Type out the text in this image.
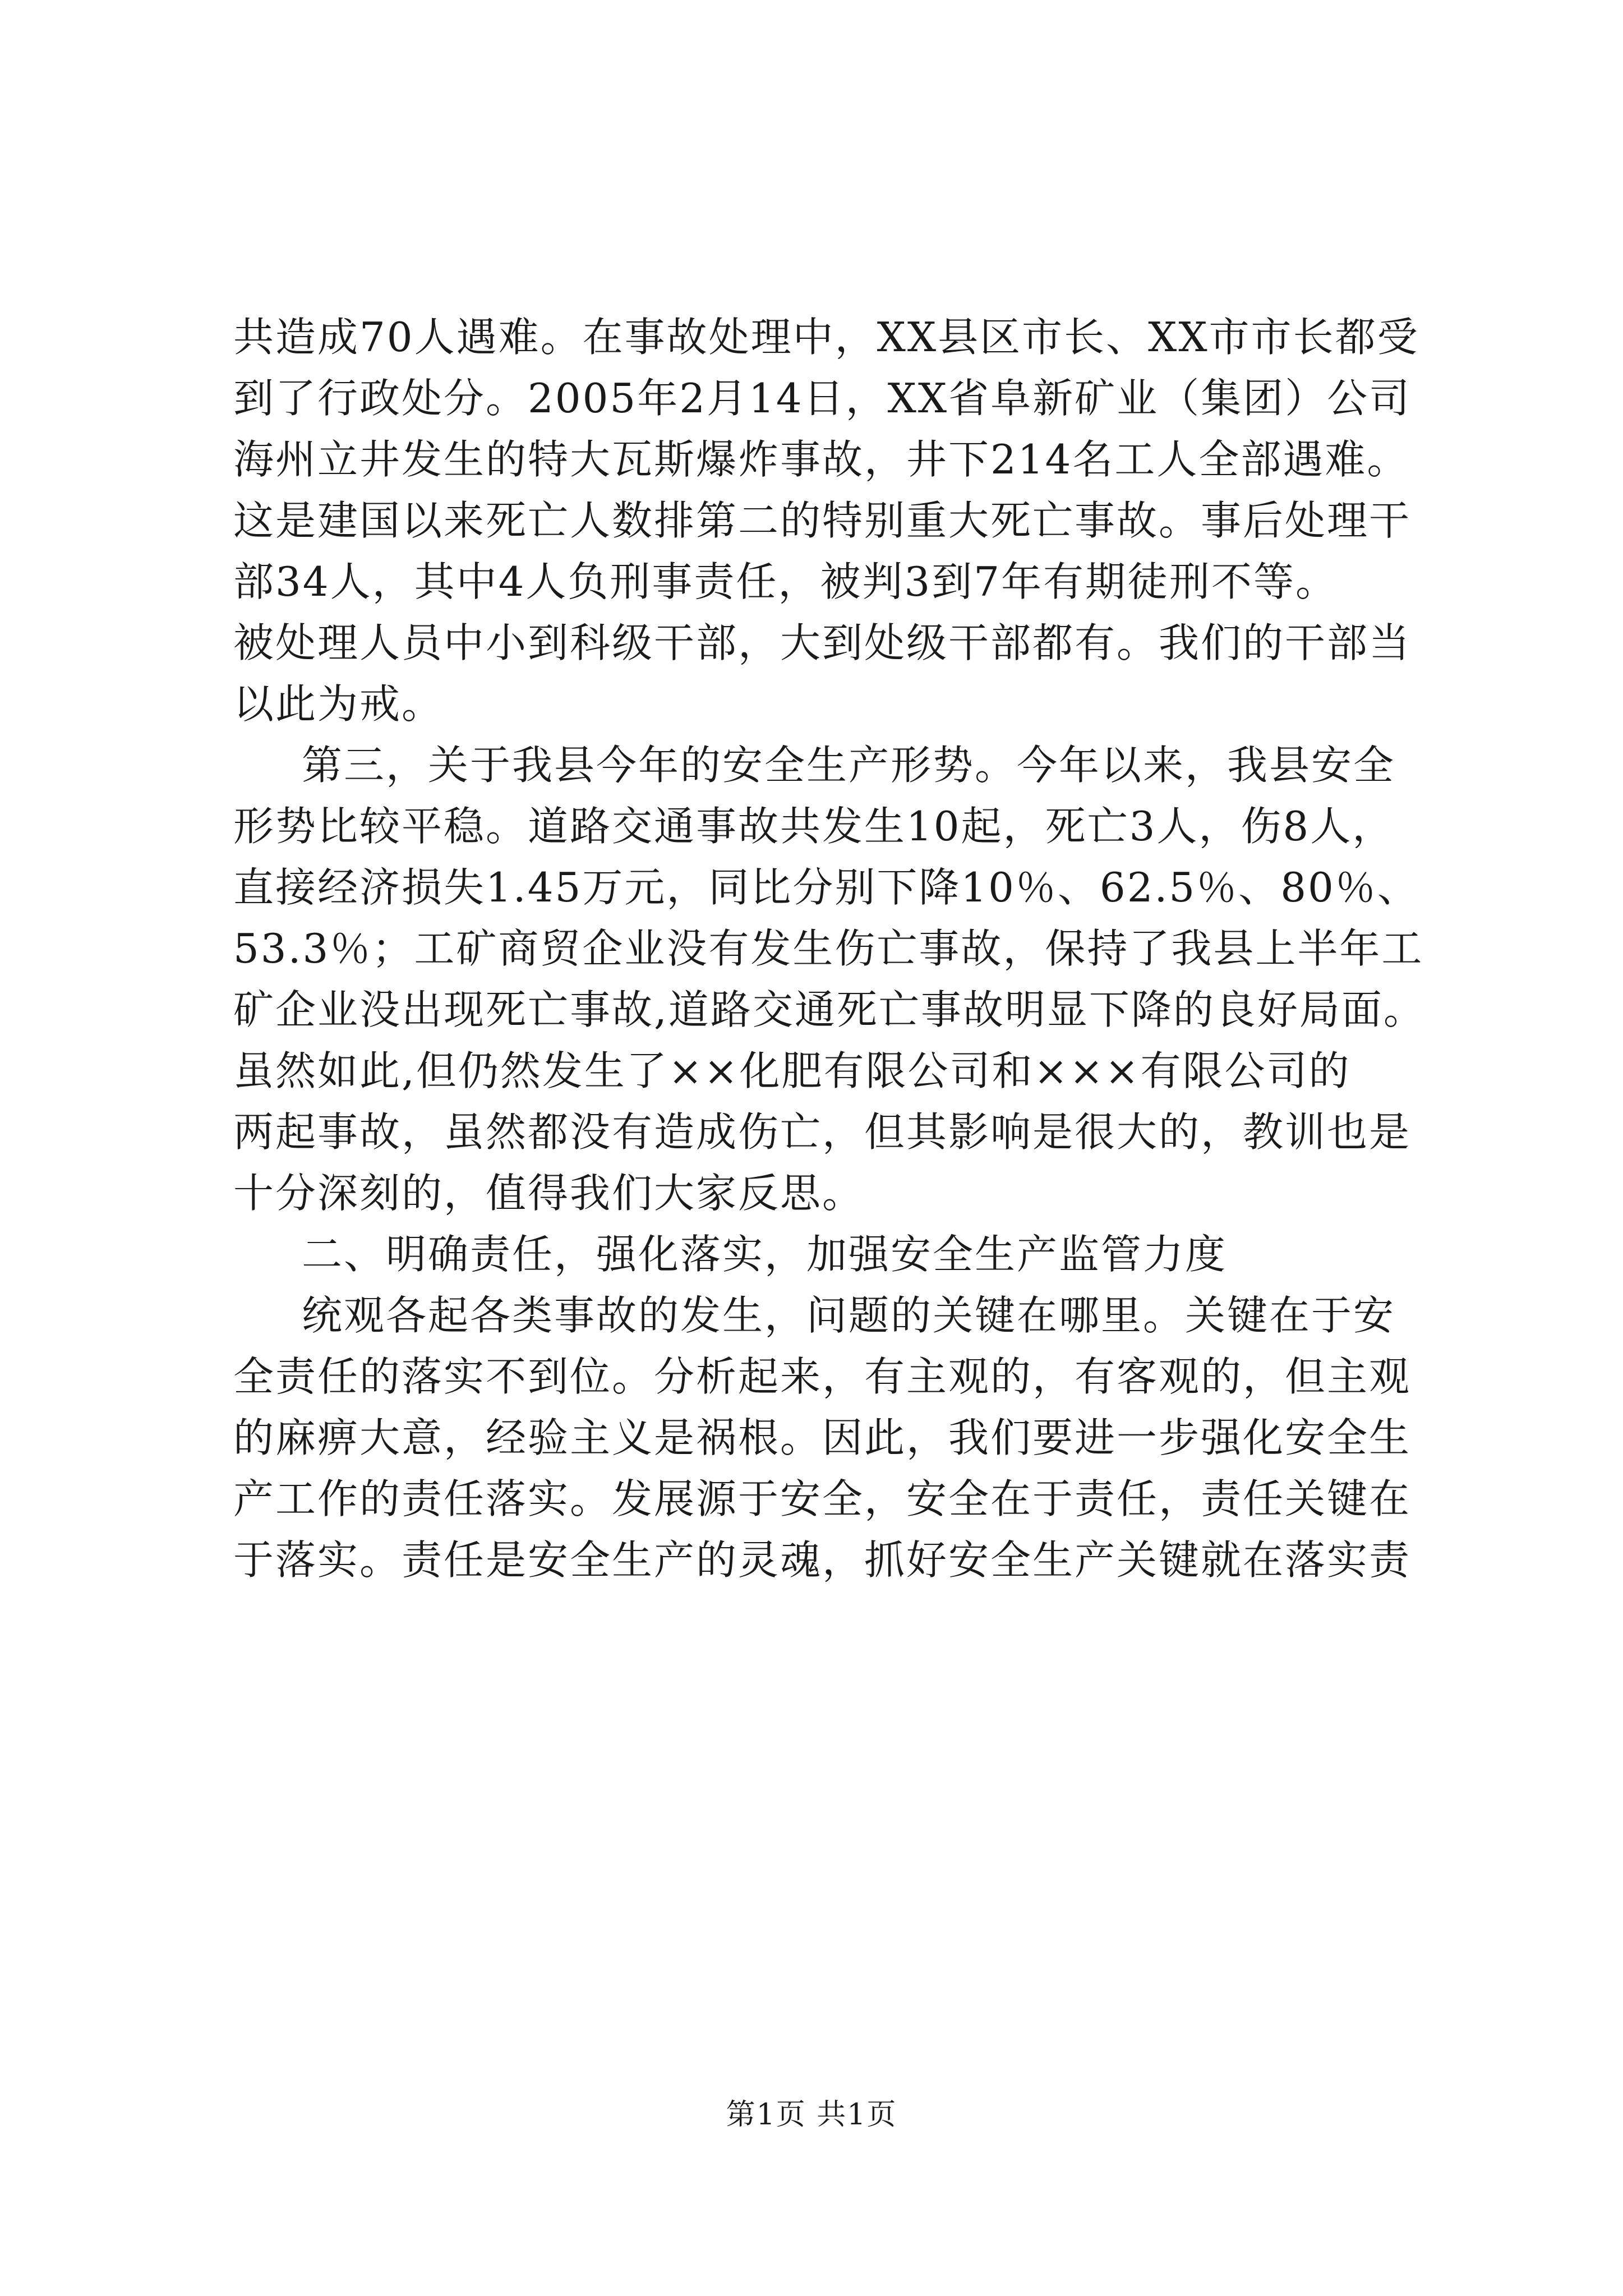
共造成70人遇难。在事故处理中，XX县区市长、XX市市长都受
到了行政处分。2005年2月14日，XX省阜新矿业（集团）公司
海州立井发生的特大瓦斯爆炸事故，井下214名工人全部遇难。
这是建国以来死亡人数排第二的特别重大死亡事故。事后处理干
部34人，其中4人负刑事责任，被判3到7年有期徒刑不等。
被处理人员中小到科级干部，大到处级干部都有。我们的干部当
以此为戒。
第三，关于我县今年的安全生产形势。今年以来，我县安全
形势比较平稳。道路交通事故共发生10起，死亡3人，伤8人，
直接经济损失1.45万元，同比分别下降10％、62.5％、80％、
53.3％；工矿商贸企业没有发生伤亡事故，保持了我县上半年工
矿企业没出现死亡事故,道路交通死亡事故明显下降的良好局面。
虽然如此,但仍然发生了××化肥有限公司和×××有限公司的
两起事故，虽然都没有造成伤亡，但其影响是很大的，教训也是
十分深刻的，值得我们大家反思。
二、明确责任，强化落实，加强安全生产监管力度
统观各起各类事故的发生，问题的关键在哪里。关键在于安
全责任的落实不到位。分析起来，有主观的，有客观的，但主观
的麻痹大意，经验主义是祸根。因此，我们要进一步强化安全生
产工作的责任落实。发展源于安全，安全在于责任，责任关键在
于落实。责任是安全生产的灵魂，抓好安全生产关键就在落实责
第1页 共1页
